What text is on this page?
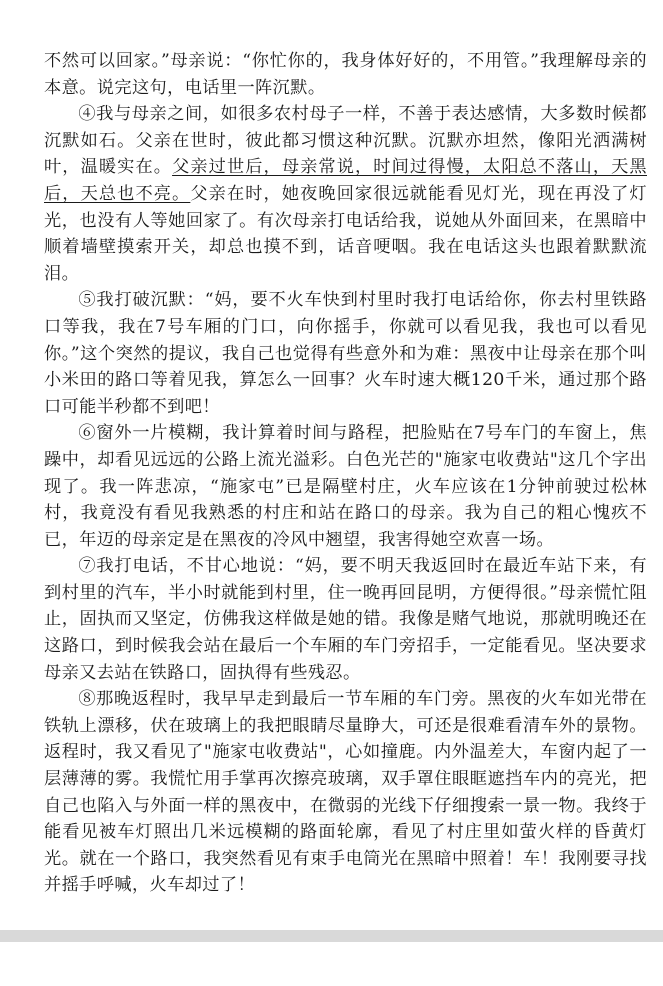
不然可以回家。”母亲说：“你忙你的，我身体好好的，不用管。”我理解母亲的本意。说完这句，电话里一阵沉默。

④我与母亲之间，如很多农村母子一样，不善于表达感情，大多数时候都沉默如石。父亲在世时，彼此都习惯这种沉默。沉默亦坦然，像阳光洒满树叶，温暖实在。父亲过世后，母亲常说，时间过得慢，太阳总不落山，天黑后，天总也不亮。父亲在时，她夜晚回家很远就能看见灯光，现在再没了灯光，也没有人等她回家了。有次母亲打电话给我，说她从外面回来，在黑暗中顺着墙壁摸索开关，却总也摸不到，话音哽咽。我在电话这头也跟着默默流泪。

⑤我打破沉默：“妈，要不火车快到村里时我打电话给你，你去村里铁路口等我，我在7号车厢的门口，向你摇手，你就可以看见我，我也可以看见你。”这个突然的提议，我自己也觉得有些意外和为难：黑夜中让母亲在那个叫小米田的路口等着见我，算怎么一回事？火车时速大概120千米，通过那个路口可能半秒都不到吧！

⑥窗外一片模糊，我计算着时间与路程，把脸贴在7号车门的车窗上，焦躁中，却看见远远的公路上流光溢彩。白色光芒的"施家屯收费站"这几个字出现了。我一阵悲凉，“施家屯”已是隔壁村庄，火车应该在1分钟前驶过松林村，我竟没有看见我熟悉的村庄和站在路口的母亲。我为自己的粗心愧疚不已，年迈的母亲定是在黑夜的冷风中翘望，我害得她空欢喜一场。

⑦我打电话，不甘心地说：“妈，要不明天我返回时在最近车站下来，有到村里的汽车，半小时就能到村里，住一晚再回昆明，方便得很。”母亲慌忙阻止，固执而又坚定，仿佛我这样做是她的错。我像是赌气地说，那就明晚还在这路口，到时候我会站在最后一个车厢的车门旁招手，一定能看见。坚决要求母亲又去站在铁路口，固执得有些残忍。

⑧那晚返程时，我早早走到最后一节车厢的车门旁。黑夜的火车如光带在铁轨上漂移，伏在玻璃上的我把眼睛尽量睁大，可还是很难看清车外的景物。返程时，我又看见了"施家屯收费站"，心如撞鹿。内外温差大，车窗内起了一层薄薄的雾。我慌忙用手掌再次擦亮玻璃，双手罩住眼眶遮挡车内的亮光，把自己也陷入与外面一样的黑夜中，在微弱的光线下仔细搜索一景一物。我终于能看见被车灯照出几米远模糊的路面轮廓，看见了村庄里如萤火样的昏黄灯光。就在一个路口，我突然看见有束手电筒光在黑暗中照着！车！我刚要寻找并摇手呼喊，火车却过了！
